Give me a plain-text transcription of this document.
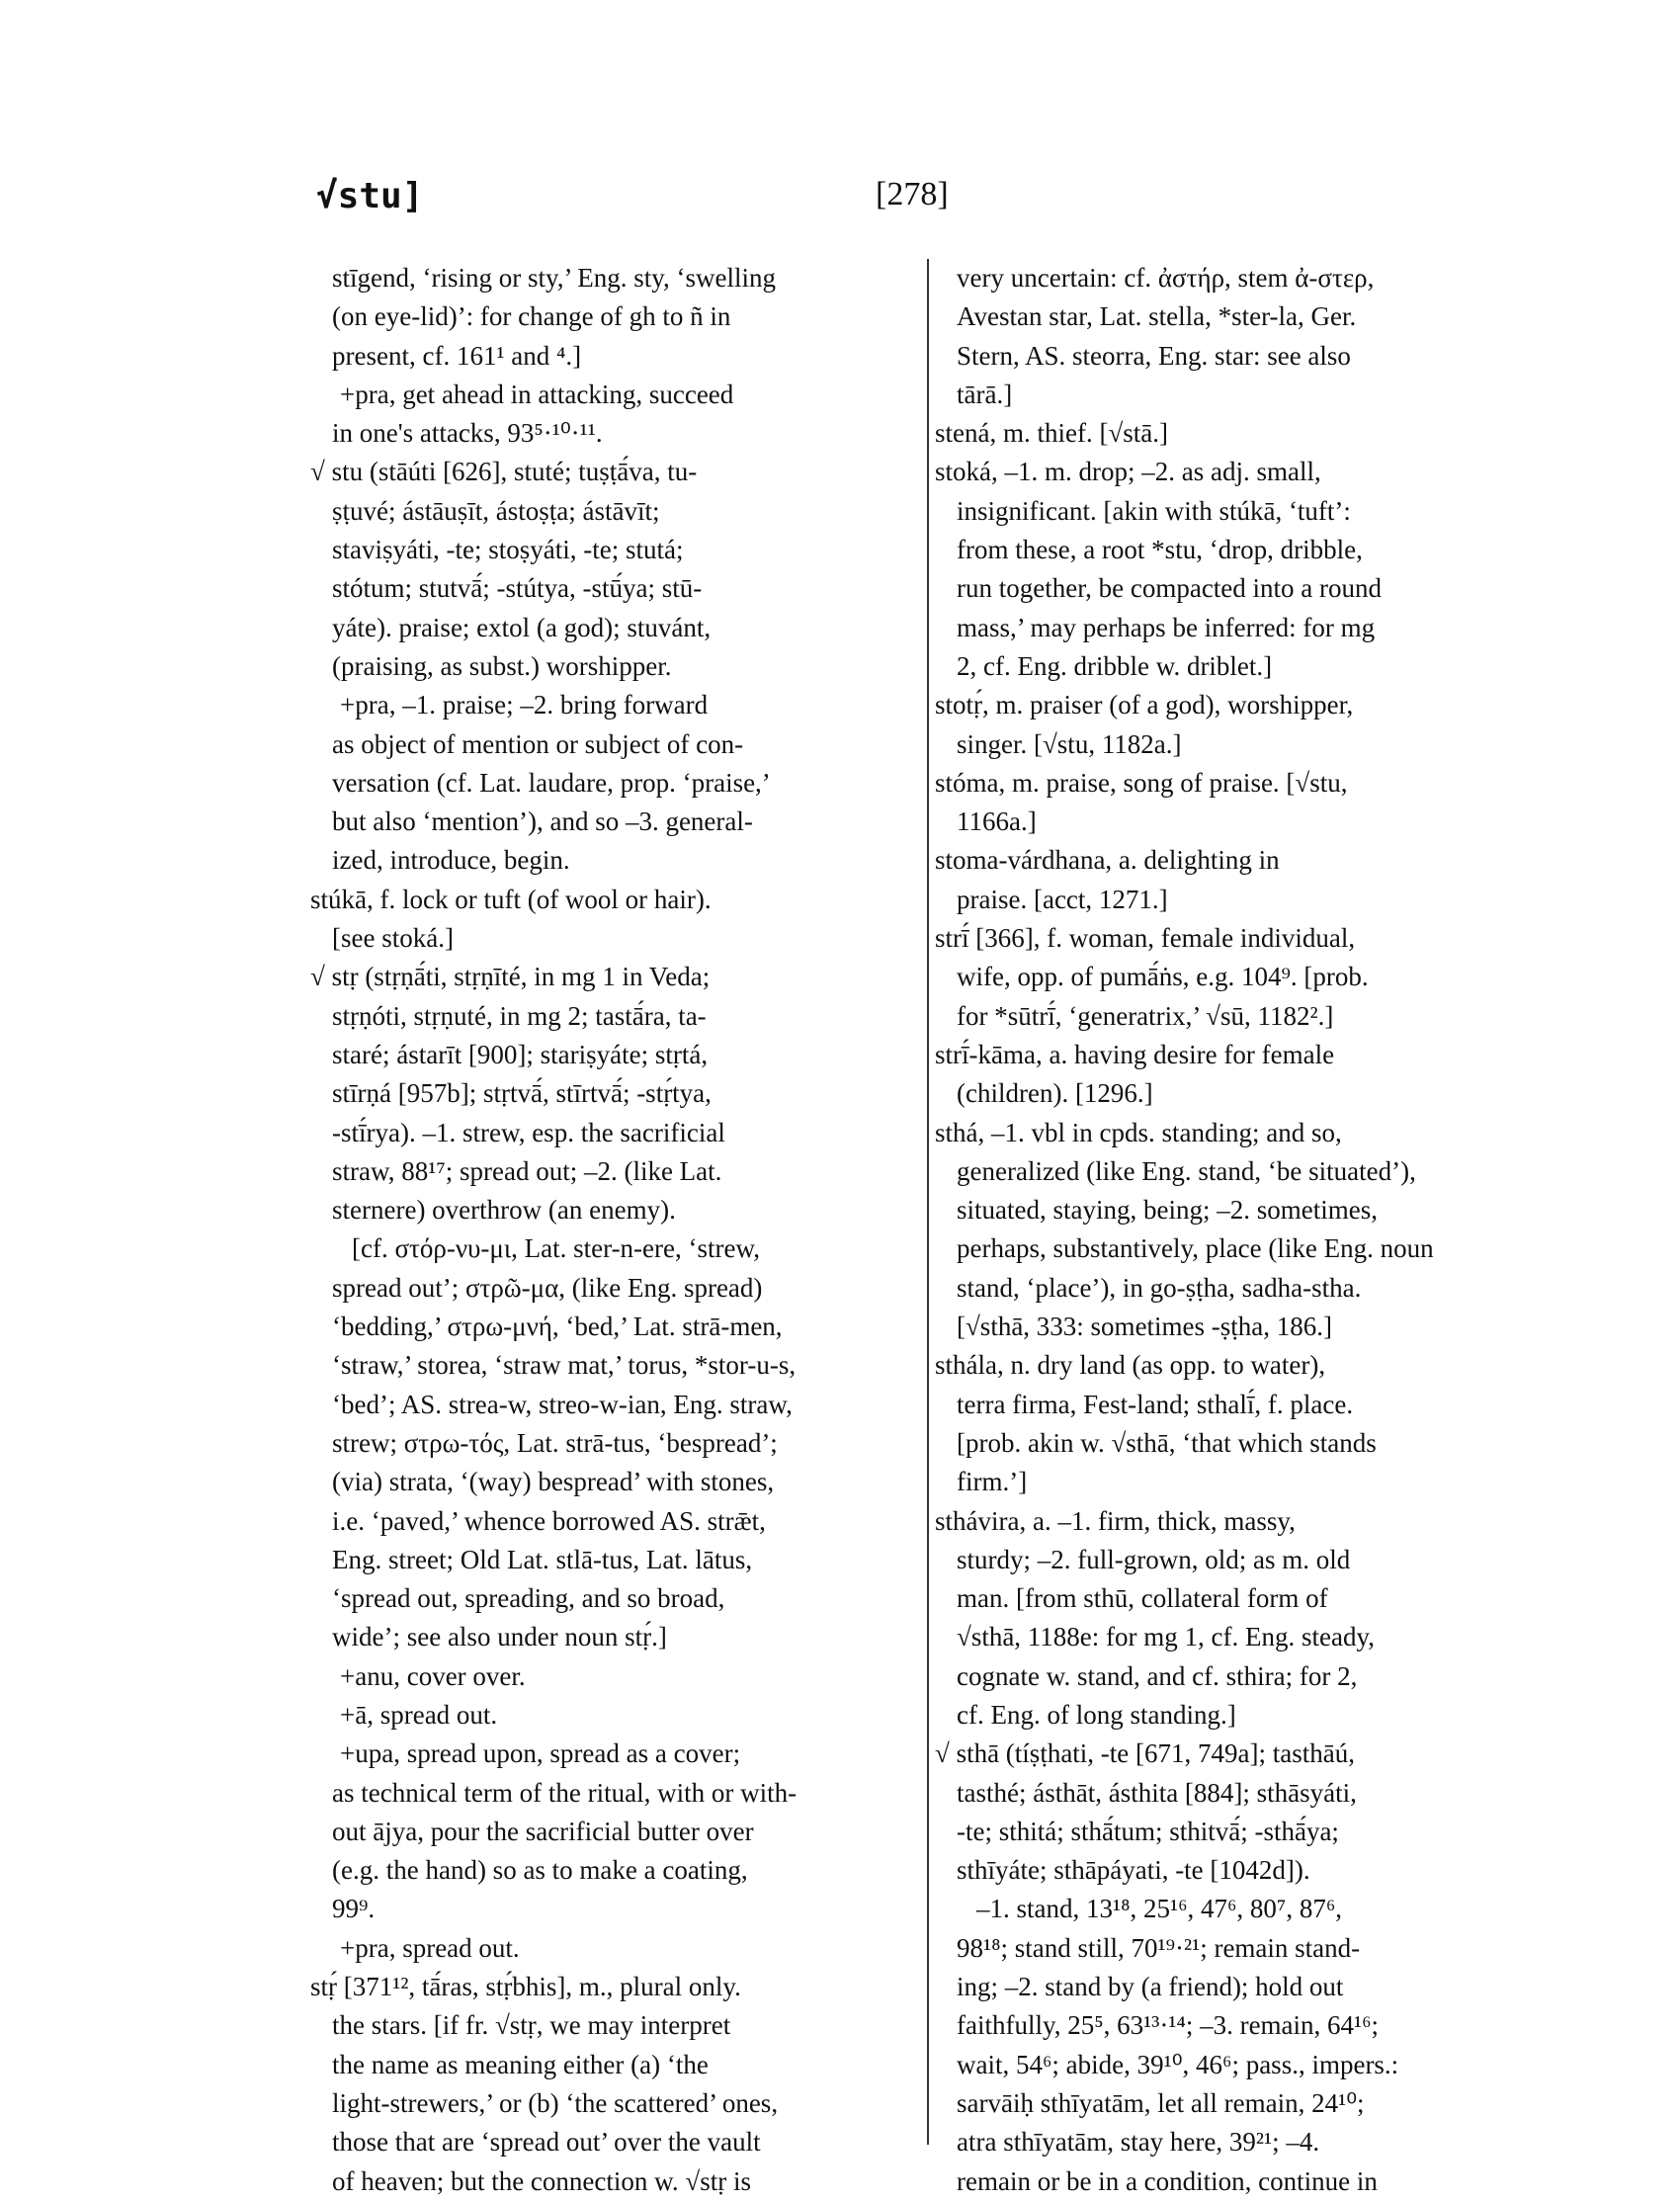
√stu]	[278]
stīgend, ‘rising or sty,’ Eng. sty, ‘swelling
(on eye-lid)’: for change of gh to ñ in
present, cf. 161¹ and ⁴.]
+pra, get ahead in attacking, succeed
in one's attacks, 93⁵·¹⁰·¹¹.
√ stu (stāúti [626], stuté; tuṣṭā́va, tu-
ṣṭuvé; ástāuṣīt, ástoṣṭa; ástāvīt;
staviṣyáti, -te; stoṣyáti, -te; stutá;
stótum; stutvā́; -stútya, -stū́ya; stū-
yáte). praise; extol (a god); stuvánt,
(praising, as subst.) worshipper.
+pra, –1. praise; –2. bring forward
as object of mention or subject of con-
versation (cf. Lat. laudare, prop. ‘praise,’
but also ‘mention’), and so –3. general-
ized, introduce, begin.
stúkā, f. lock or tuft (of wool or hair).
[see stoká.]
√ stṛ (stṛṇā́ti, stṛṇīté, in mg 1 in Veda;
stṛṇóti, stṛṇuté, in mg 2; tastā́ra, ta-
staré; ástarīt [900]; stariṣyáte; stṛtá,
stīrṇá [957b]; stṛtvā́, stīrtvā́; -stṛ́tya,
-stī́rya). –1. strew, esp. the sacrificial
straw, 88¹⁷; spread out; –2. (like Lat.
sternere) overthrow (an enemy).
[cf. στόρ-νυ-μι, Lat. ster-n-ere, ‘strew,
spread out’; στρῶ-μα, (like Eng. spread)
‘bedding,’ στρω-μνή, ‘bed,’ Lat. strā-men,
‘straw,’ storea, ‘straw mat,’ torus, *stor-u-s,
‘bed’; AS. strea-w, streo-w-ian, Eng. straw,
strew; στρω-τός, Lat. strā-tus, ‘bespread’;
(via) strata, ‘(way) bespread’ with stones,
i.e. ‘paved,’ whence borrowed AS. strǣt,
Eng. street; Old Lat. stlā-tus, Lat. lātus,
‘spread out, spreading, and so broad,
wide’; see also under noun stṛ́.]
+anu, cover over.
+ā, spread out.
+upa, spread upon, spread as a cover;
as technical term of the ritual, with or with-
out ājya, pour the sacrificial butter over
(e.g. the hand) so as to make a coating,
99⁹.
+pra, spread out.
stṛ́ [371¹², tā́ras, stṛ́bhis], m., plural only.
the stars. [if fr. √stṛ, we may interpret
the name as meaning either (a) ‘the
light-strewers,’ or (b) ‘the scattered’ ones,
those that are ‘spread out’ over the vault
of heaven; but the connection w. √stṛ is
very uncertain: cf. ἀστήρ, stem ἀ-στερ,
Avestan star, Lat. stella, *ster-la, Ger.
Stern, AS. steorra, Eng. star: see also
tārā.]
stená, m. thief. [√stā.]
stoká, –1. m. drop; –2. as adj. small,
insignificant. [akin with stúkā, ‘tuft’:
from these, a root *stu, ‘drop, dribble,
run together, be compacted into a round
mass,’ may perhaps be inferred: for mg
2, cf. Eng. dribble w. driblet.]
stotṛ́, m. praiser (of a god), worshipper,
singer. [√stu, 1182a.]
stóma, m. praise, song of praise. [√stu,
1166a.]
stoma-várdhana, a. delighting in
praise. [acct, 1271.]
strī́ [366], f. woman, female individual,
wife, opp. of pumā́ṅs, e.g. 104⁹. [prob.
for *sūtrī́, ‘generatrix,’ √sū, 1182².]
strī́-kāma, a. having desire for female
(children). [1296.]
sthá, –1. vbl in cpds. standing; and so,
generalized (like Eng. stand, ‘be situated’),
situated, staying, being; –2. sometimes,
perhaps, substantively, place (like Eng. noun
stand, ‘place’), in go-ṣṭha, sadha-stha.
[√sthā, 333: sometimes -ṣṭha, 186.]
sthála, n. dry land (as opp. to water),
terra firma, Fest-land; sthalī́, f. place.
[prob. akin w. √sthā, ‘that which stands
firm.’]
sthávira, a. –1. firm, thick, massy,
sturdy; –2. full-grown, old; as m. old
man. [from sthū, collateral form of
√sthā, 1188e: for mg 1, cf. Eng. steady,
cognate w. stand, and cf. sthira; for 2,
cf. Eng. of long standing.]
√ sthā (tíṣṭhati, -te [671, 749a]; tasthāú,
tasthé; ásthāt, ásthita [884]; sthāsyáti,
-te; sthitá; sthā́tum; sthitvā́; -sthā́ya;
sthīyáte; sthāpáyati, -te [1042d]).
–1. stand, 13¹⁸, 25¹⁶, 47⁶, 80⁷, 87⁶,
98¹⁸; stand still, 70¹⁹·²¹; remain stand-
ing; –2. stand by (a friend); hold out
faithfully, 25⁵, 63¹³·¹⁴; –3. remain, 64¹⁶;
wait, 54⁶; abide, 39¹⁰, 46⁶; pass., impers.:
sarvāiḥ sthīyatām, let all remain, 24¹⁰;
atra sthīyatām, stay here, 39²¹; –4.
remain or be in a condition, continue in
